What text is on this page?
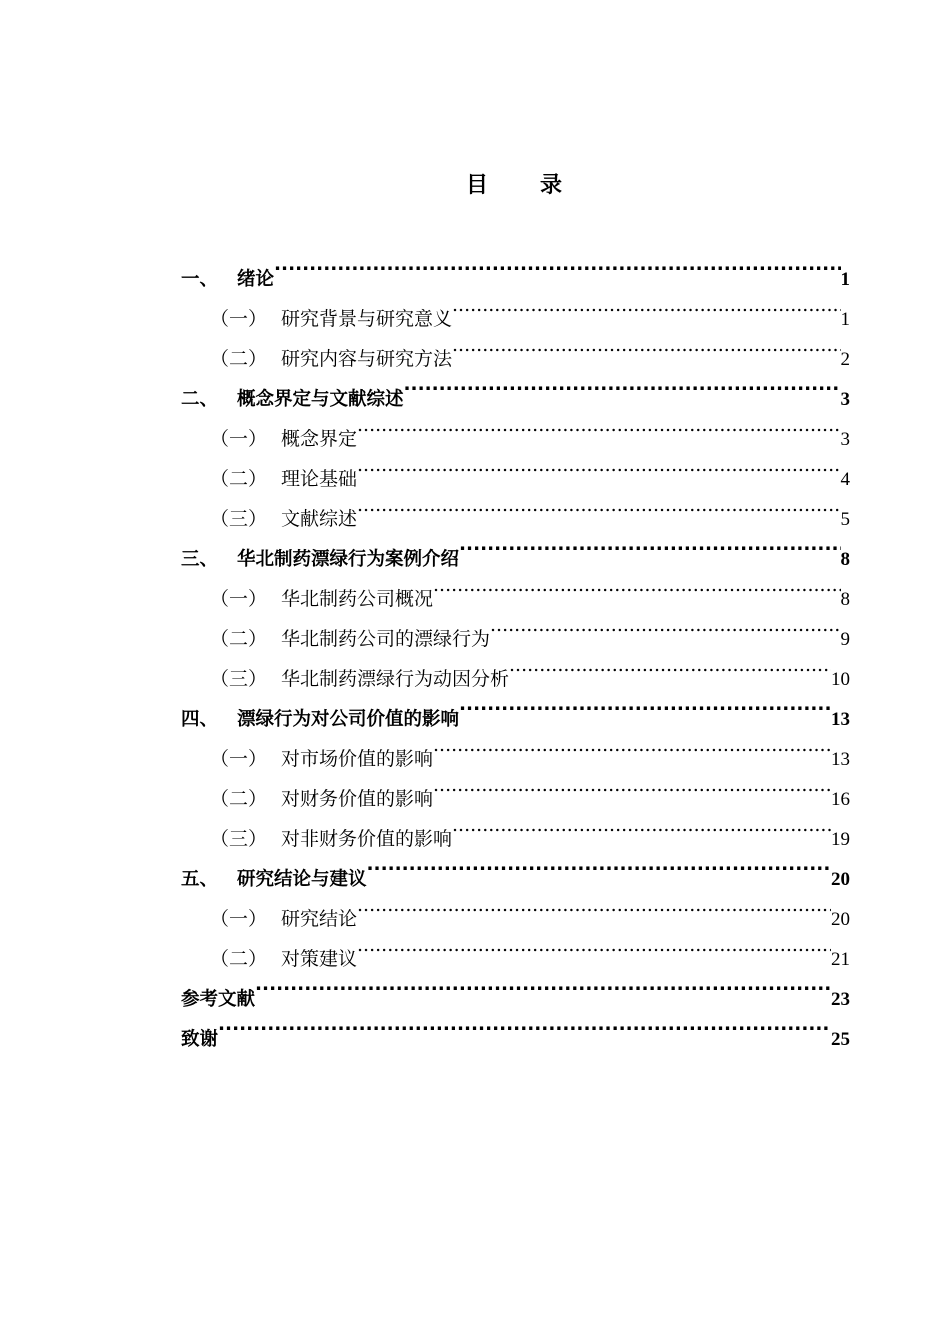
目 录
一、	绪论 .....	1
（一） 研究背景与研究意义 .....	1
（二） 研究内容与研究方法 .....	2
二、	概念界定与文献综述 .....	3
（一） 概念界定 .....	3
（二） 理论基础 .....	4
（三） 文献综述 .....	5
三、	华北制药漂绿行为案例介绍 .....	8
（一） 华北制药公司概况 .....	8
（二） 华北制药公司的漂绿行为 .....	9
（三） 华北制药漂绿行为动因分析 .....	10
四、	漂绿行为对公司价值的影响 .....	13
（一） 对市场价值的影响 .....	13
（二） 对财务价值的影响 .....	16
（三） 对非财务价值的影响 .....	19
五、	研究结论与建议 .....	20
（一） 研究结论 .....	20
（二） 对策建议 .....	21
参考文献 .....	23
致谢 .....	25
